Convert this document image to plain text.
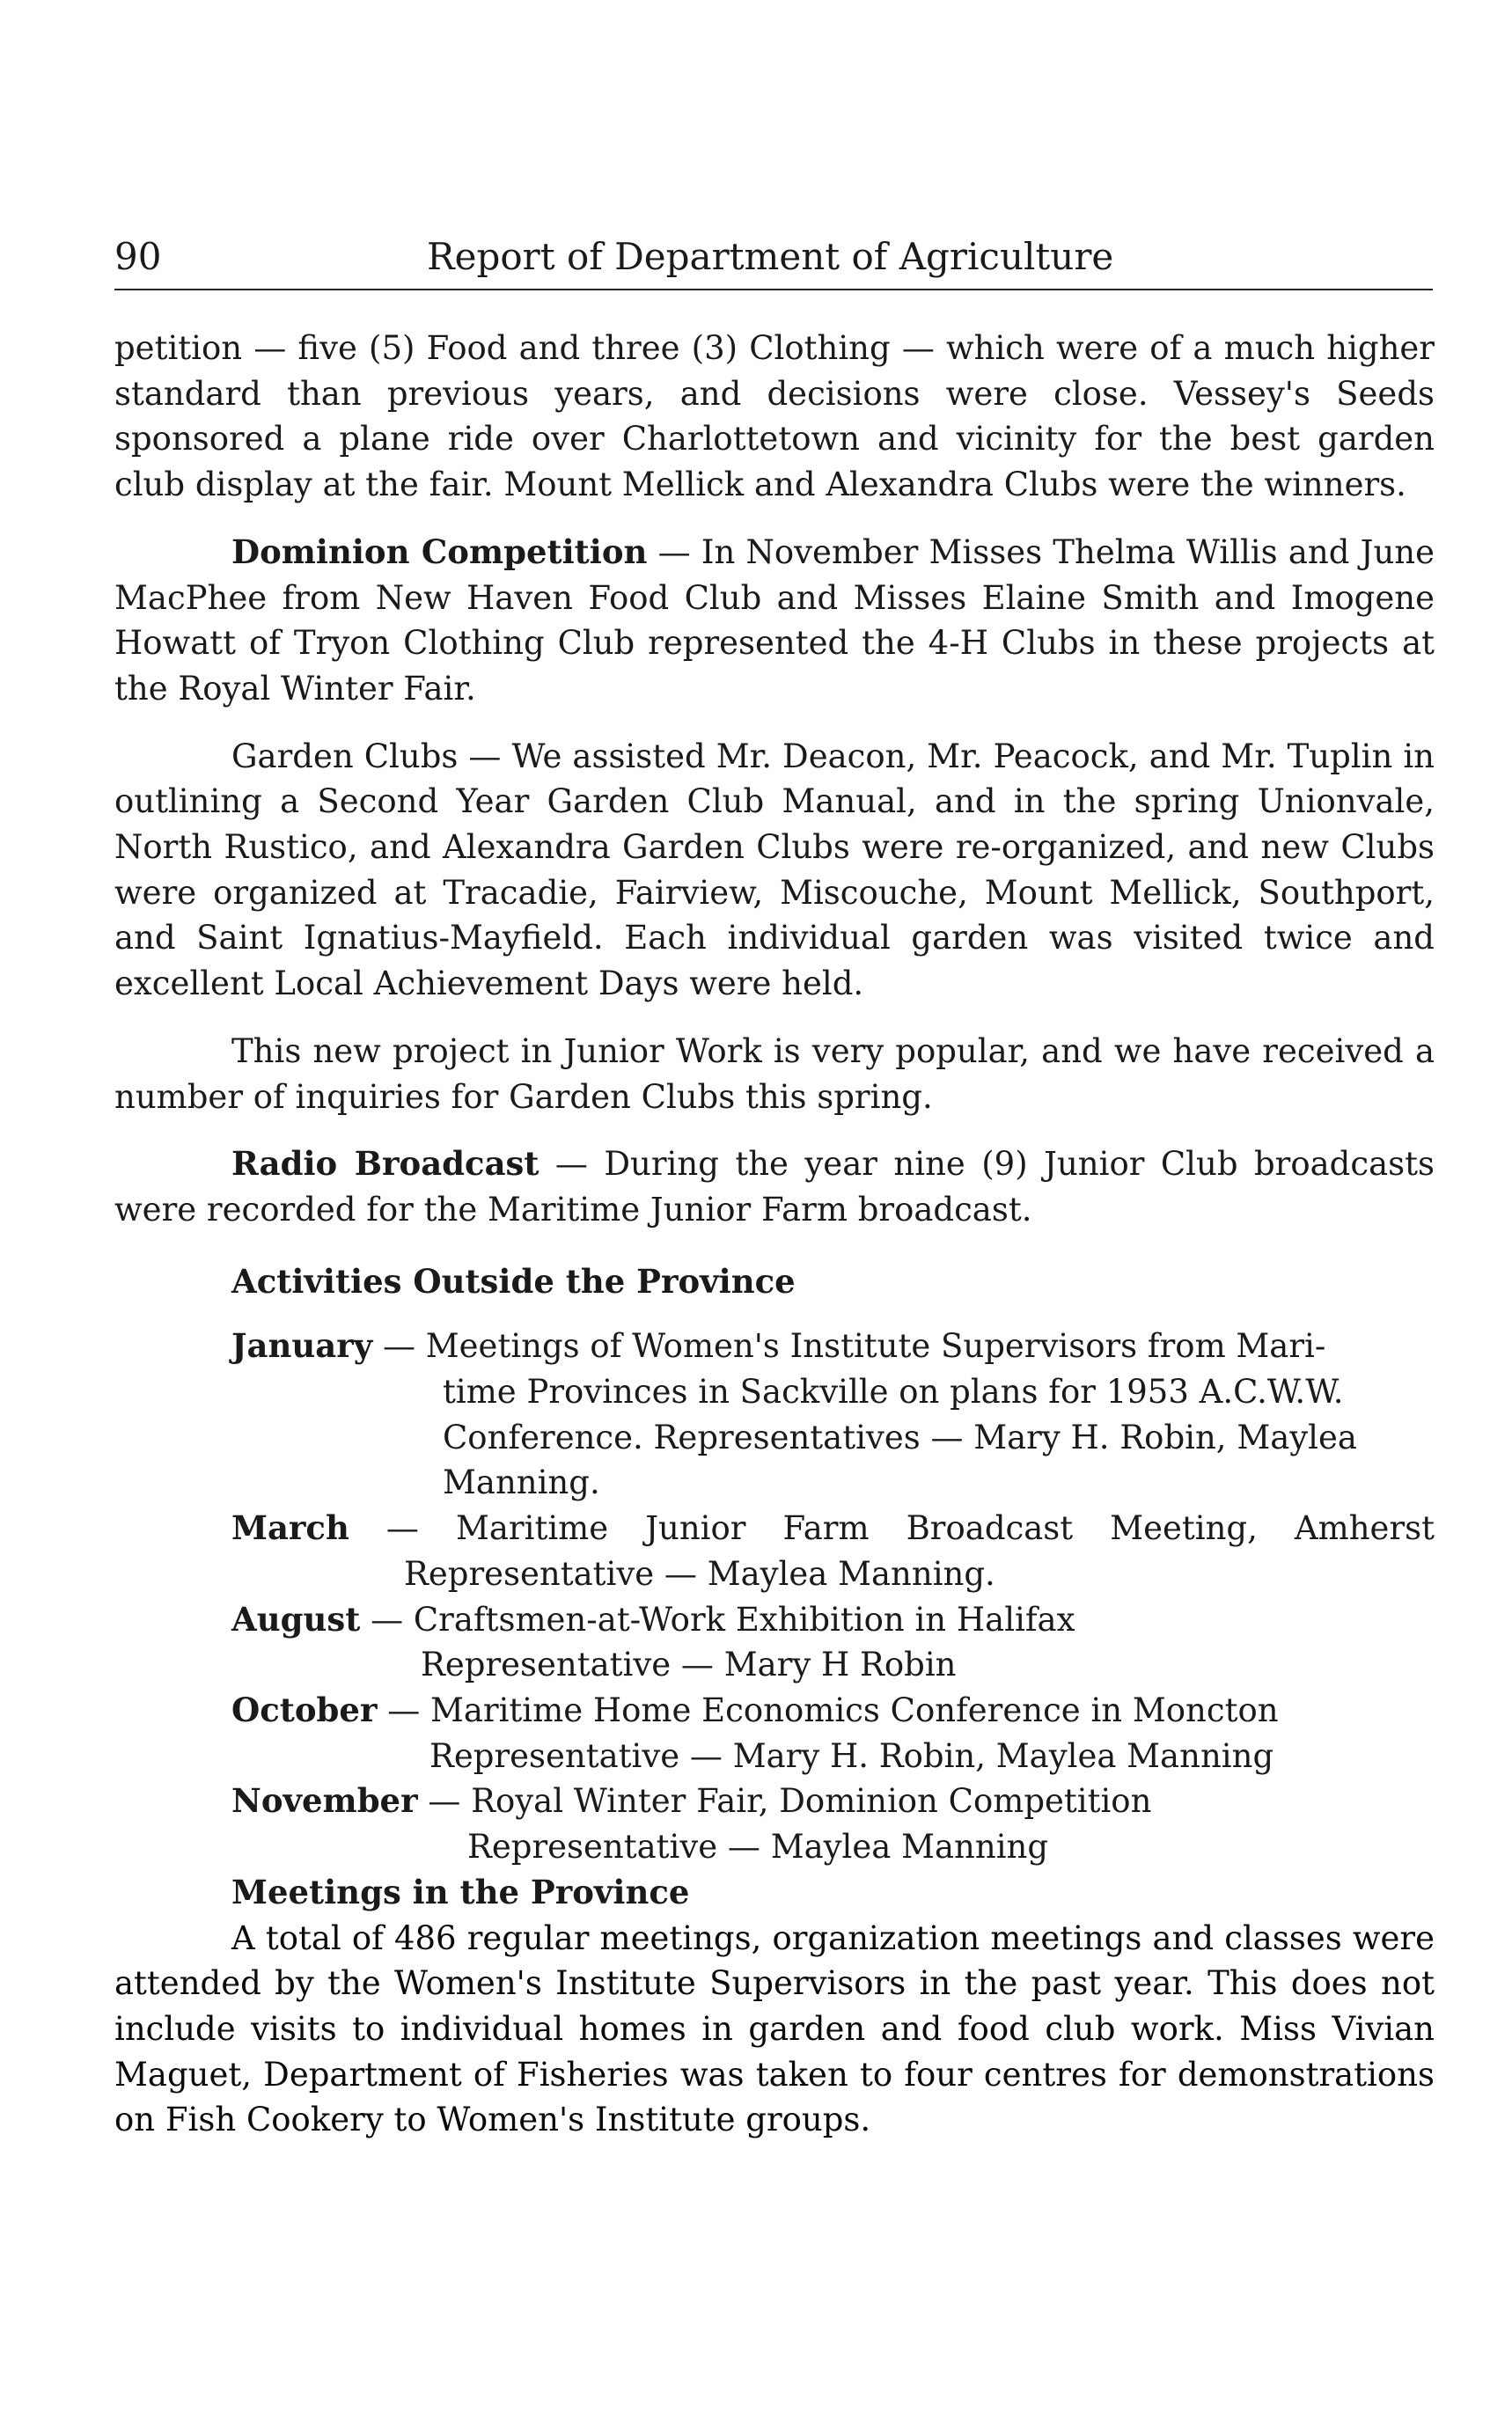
90	Report of Department of Agriculture

petition — five (5) Food and three (3) Clothing — which were of a much higher standard than previous years, and decisions were close. Vessey's Seeds sponsored a plane ride over Charlottetown and vicinity for the best garden club display at the fair. Mount Mellick and Alexandra Clubs were the winners.

Dominion Competition — In November Misses Thelma Willis and June MacPhee from New Haven Food Club and Misses Elaine Smith and Imogene Howatt of Tryon Clothing Club represented the 4-H Clubs in these projects at the Royal Winter Fair.

Garden Clubs — We assisted Mr. Deacon, Mr. Peacock, and Mr. Tuplin in outlining a Second Year Garden Club Manual, and in the spring Unionvale, North Rustico, and Alexandra Garden Clubs were re-organized, and new Clubs were organized at Tracadie, Fairview, Miscouche, Mount Mellick, Southport, and Saint Ignatius-Mayfield. Each individual garden was visited twice and excellent Local Achievement Days were held.

This new project in Junior Work is very popular, and we have received a number of inquiries for Garden Clubs this spring.

Radio Broadcast — During the year nine (9) Junior Club broadcasts were recorded for the Maritime Junior Farm broadcast.

Activities Outside the Province
January — Meetings of Women's Institute Supervisors from Mari-
time Provinces in Sackville on plans for 1953 A.C.W.W. Conference. Representatives — Mary H. Robin, Maylea Manning.
March — Maritime Junior Farm Broadcast Meeting, Amherst
Representative — Maylea Manning.
August — Craftsmen-at-Work Exhibition in Halifax
Representative — Mary H Robin
October — Maritime Home Economics Conference in Moncton
Representative — Mary H. Robin, Maylea Manning
November — Royal Winter Fair, Dominion Competition
Representative — Maylea Manning
Meetings in the Province

A total of 486 regular meetings, organization meetings and classes were attended by the Women's Institute Supervisors in the past year. This does not include visits to individual homes in garden and food club work. Miss Vivian Maguet, Department of Fisheries was taken to four centres for demonstrations on Fish Cookery to Women's Institute groups.
